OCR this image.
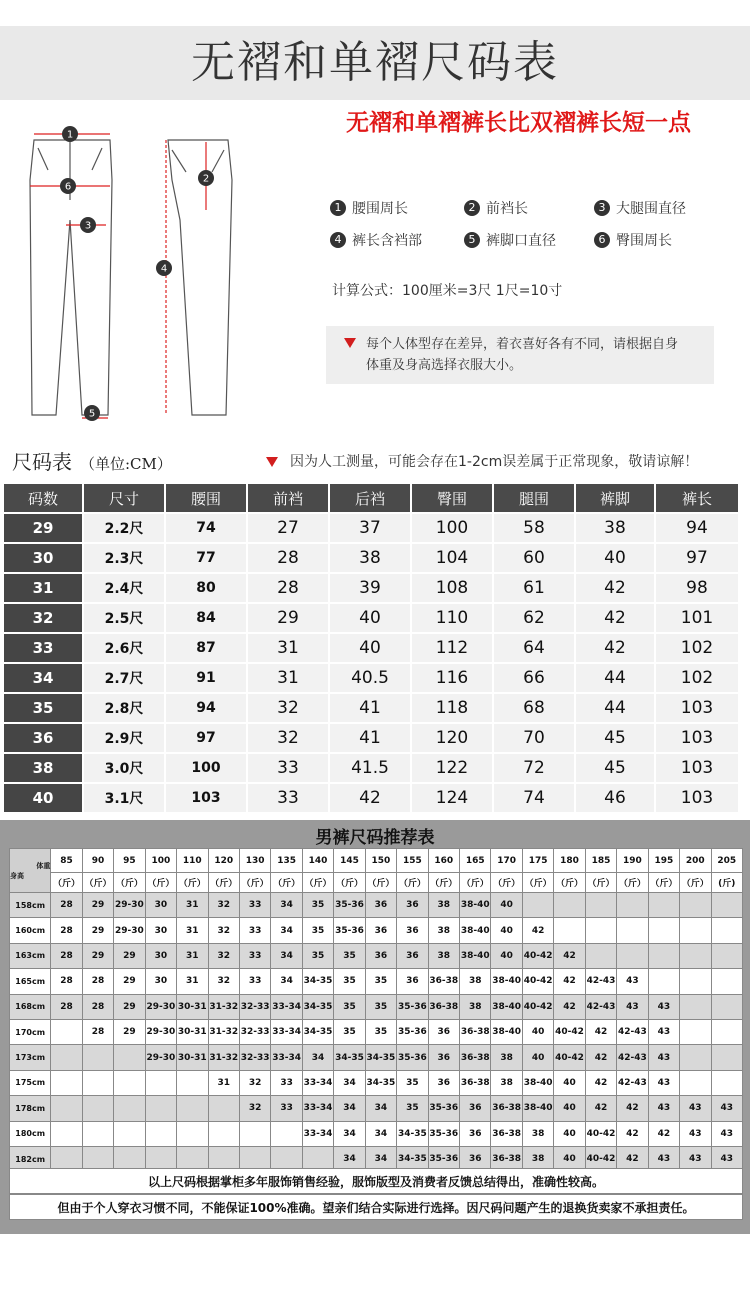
无褶和单褶尺码表
无褶和单褶裤长比双褶裤长短一点
1
6
3
5
2
4
1 腰围周长	2 前裆长	3 大腿围直径
4 裤长含裆部	5 裤脚口直径	6 臀围周长
计算公式：100厘米=3尺 1尺=10寸
每个人体型存在差异，着衣喜好各有不同，请根据自身
体重及身高选择衣服大小。
尺码表 （单位:CM）	因为人工测量，可能会存在1-2cm误差属于正常现象，敬请谅解！
码数	尺寸	腰围	前裆	后裆	臀围	腿围	裤脚	裤长
29	2.2尺	74	27	37	100	58	38	94
30	2.3尺	77	28	38	104	60	40	97
31	2.4尺	80	28	39	108	61	42	98
32	2.5尺	84	29	40	110	62	42	101
33	2.6尺	87	31	40	112	64	42	102
34	2.7尺	91	31	40.5	116	66	44	102
35	2.8尺	94	32	41	118	68	44	103
36	2.9尺	97	32	41	120	70	45	103
38	3.0尺	100	33	41.5	122	72	45	103
40	3.1尺	103	33	42	124	74	46	103
男裤尺码推荐表
体重
身高	85	90	95	100	110	120	130	135	140	145	150	155	160	165	170	175	180	185	190	195	200	205
	（斤）	（斤）	（斤）	（斤）	（斤）	（斤）	（斤）	（斤）	（斤）	（斤）	（斤）	（斤）	（斤）	（斤）	（斤）	（斤）	（斤）	（斤）	（斤）	（斤）	（斤）	(斤)
158cm	28	29	29-30	30	31	32	33	34	35	35-36	36	36	38	38-40	40							
160cm	28	29	29-30	30	31	32	33	34	35	35-36	36	36	38	38-40	40	42						
163cm	28	29	29	30	31	32	33	34	35	35	36	36	38	38-40	40	40-42	42					
165cm	28	28	29	30	31	32	33	34	34-35	35	35	36	36-38	38	38-40	40-42	42	42-43	43			
168cm	28	28	29	29-30	30-31	31-32	32-33	33-34	34-35	35	35	35-36	36-38	38	38-40	40-42	42	42-43	43	43		
170cm		28	29	29-30	30-31	31-32	32-33	33-34	34-35	35	35	35-36	36	36-38	38-40	40	40-42	42	42-43	43		
173cm				29-30	30-31	31-32	32-33	33-34	34	34-35	34-35	35-36	36	36-38	38	40	40-42	42	42-43	43		
175cm						31	32	33	33-34	34	34-35	35	36	36-38	38	38-40	40	42	42-43	43		
178cm							32	33	33-34	34	34	35	35-36	36	36-38	38-40	40	42	42	43	43	43
180cm									33-34	34	34	34-35	35-36	36	36-38	38	40	40-42	42	42	43	43
182cm										34	34	34-35	35-36	36	36-38	38	40	40-42	42	43	43	43
以上尺码根据掌柜多年服饰销售经验，服饰版型及消费者反馈总结得出，准确性较高。
但由于个人穿衣习惯不同，不能保证100%准确。望亲们结合实际进行选择。因尺码问题产生的退换货卖家不承担责任。
